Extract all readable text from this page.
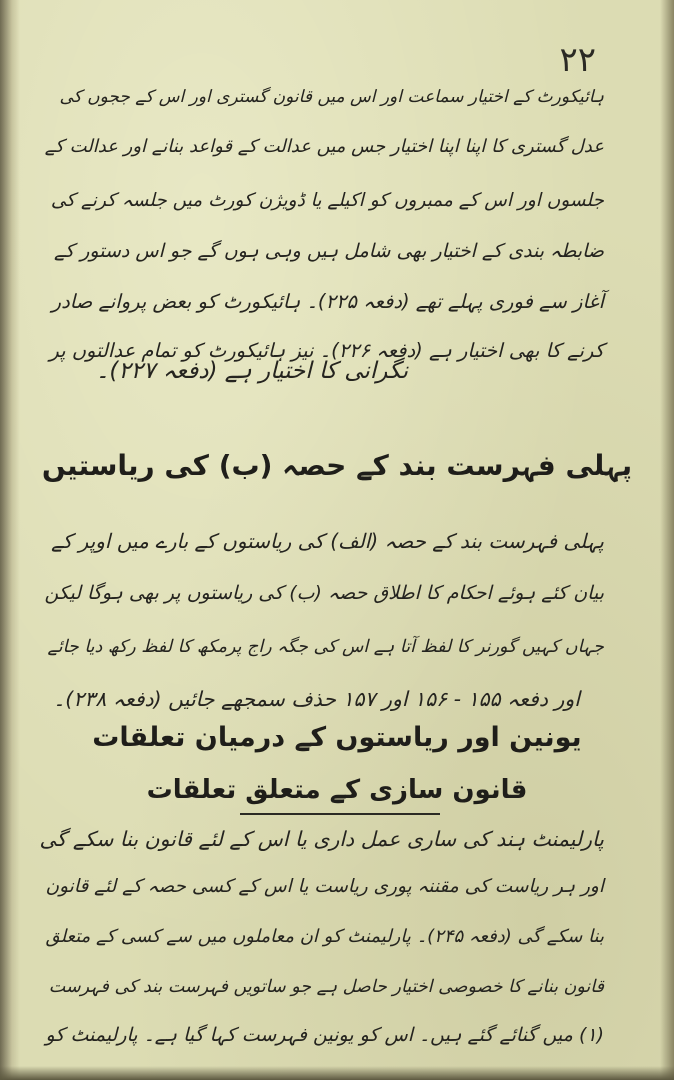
۲۲
ہائیکورٹ کے اختیار سماعت اور اس میں قانون گستری اور اس کے ججوں کی
عدل گستری کا اپنا اپنا اختیار جس میں عدالت کے قواعد بنانے اور عدالت کے
جلسوں اور اس کے ممبروں کو اکیلے یا ڈویژن کورٹ میں جلسہ کرنے کی
ضابطہ بندی کے اختیار بھی شامل ہیں وہی ہوں گے جو اس دستور کے
آغاز سے فوری پہلے تھے (دفعہ ۲۲۵)۔ ہائیکورٹ کو بعض پروانے صادر
کرنے کا بھی اختیار ہے (دفعہ ۲۲۶)۔ نیز ہائیکورٹ کو تمام عدالتوں پر
نگرانی کا اختیار ہے (دفعہ ۲۲۷)۔
پہلی فہرست بند کے حصہ (ب) کی ریاستیں
پہلی فہرست بند کے حصہ (الف) کی ریاستوں کے بارے میں اوپر کے
بیان کئے ہوئے احکام کا اطلاق حصہ (ب) کی ریاستوں پر بھی ہوگا لیکن
جہاں کہیں گورنر کا لفظ آتا ہے اس کی جگہ راج پرمکھ کا لفظ رکھ دیا جائے
اور دفعہ ۱۵۵ - ۱۵۶ اور ۱۵۷ حذف سمجھے جائیں (دفعہ ۲۳۸)۔
یونین اور ریاستوں کے درمیان تعلقات
قانون سازی کے متعلق تعلقات
پارلیمنٹ ہند کی ساری عمل داری یا اس کے لئے قانون بنا سکے گی
اور ہر ریاست کی مقننہ پوری ریاست یا اس کے کسی حصہ کے لئے قانون
بنا سکے گی (دفعہ ۲۴۵)۔ پارلیمنٹ کو ان معاملوں میں سے کسی کے متعلق
قانون بنانے کا خصوصی اختیار حاصل ہے جو ساتویں فہرست بند کی فہرست
(۱) میں گنائے گئے ہیں۔ اس کو یونین فہرست کہا گیا ہے۔ پارلیمنٹ کو
